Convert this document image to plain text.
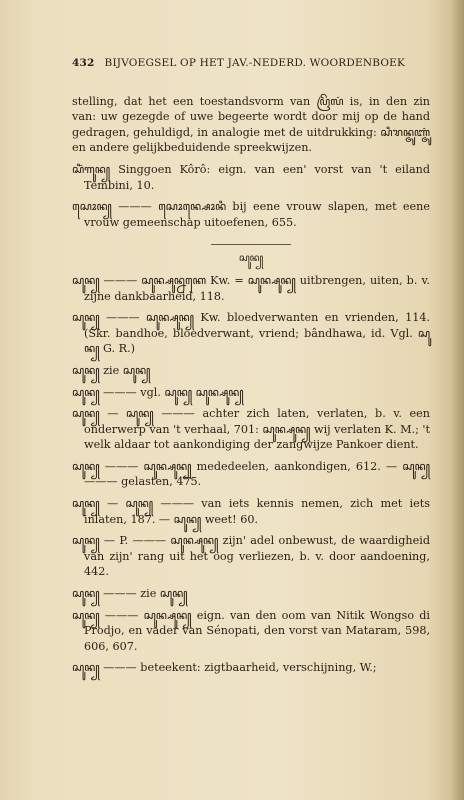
432 BIJVOEGSEL OP HET JAV.-NEDERD. WOORDENBOEK

stelling, dat het een toestandsvorm van ꦥꦿꦼꦭꦁ is, in den zin van: uw gezegde of uwe begeerte wordt door mij op de hand gedragen, gehuldigd, in analogie met de uitdrukking: ꦱꦶꦫꦤ꧀ꦗꦸꦚ꧀ꦗꦸꦁ en andere gelijkbeduidende spreekwijzen.

ꦱꦶꦁꦒꦸꦤ꧀ Singgoen Kôrô: eign. van een' vorst van 't eiland Tembini, 10.

ꦱꦺꦴꦤ꧀ ——— ꦱꦺꦴꦤ꧀ꦱꦺꦴꦤꦶ bij eene vrouw slapen, met eene vrouw gemeenschap uitoefenen, 655.

ꦱꦸꦤ꧀

ꦱꦸꦤ꧀ ——— ꦱꦸꦤ꧀ꦱꦸꦤ꧀ꦤꦏꦺ Kw. = ꦱꦸꦤ꧀ꦱꦸꦤ꧀ uitbrengen, uiten, b. v. zijne dankbaarheid, 118.

ꦱꦸꦤ꧀ ——— ꦱꦸꦤ꧀ꦱꦸꦤ꧀ Kw. bloedverwanten en vrienden, 114. (Skr. bandhoe, bloedverwant, vriend; bândhawa, id. Vgl. ꦱꦸꦤ꧀ G. R.)

ꦱꦸꦤ꧀ zie ꦱꦸꦤ꧀

ꦱꦸꦤ꧀ ——— vgl. ꦱꦸꦤ꧀ ꦱꦸꦤ꧀ꦱꦸꦤ꧀

ꦱꦸꦤ꧀ — ꦱꦸꦤ꧀ ——— achter zich laten, verlaten, b. v. een onderwerp van 't verhaal, 701: ꦱꦸꦤ꧀ꦱꦸꦤ꧀ wij verlaten K. M.; 't welk aldaar tot aankondiging der zangwijze Pankoer dient.

ꦱꦸꦤ꧀ ——— ꦱꦸꦤ꧀ꦱꦸꦤ꧀ mededeelen, aankondigen, 612. — ꦱꦸꦤ꧀ ——— gelasten, 475.

ꦱꦸꦤ꧀ — ꦱꦸꦤ꧀ ——— van iets kennis nemen, zich met iets inlaten, 187. — ꦱꦸꦤ꧀ weet! 60.

ꦱꦸꦤ꧀ — P. ——— ꦱꦸꦤ꧀ꦱꦸꦤ꧀ zijn' adel onbewust, de waardigheid van zijn' rang uit het oog verliezen, b. v. door aandoening, 442.

ꦱꦸꦤ꧀ ——— zie ꦱꦸꦤ꧀

ꦱꦸꦤ꧀ ——— ꦱꦸꦤ꧀ꦱꦸꦤ꧀ eign. van den oom van Nitik Wongso di Prodjo, en vader van Sénopati, den vorst van Mataram, 598, 606, 607.

ꦱꦸꦤ꧀ ——— beteekent: zigtbaarheid, verschijning, W.;
